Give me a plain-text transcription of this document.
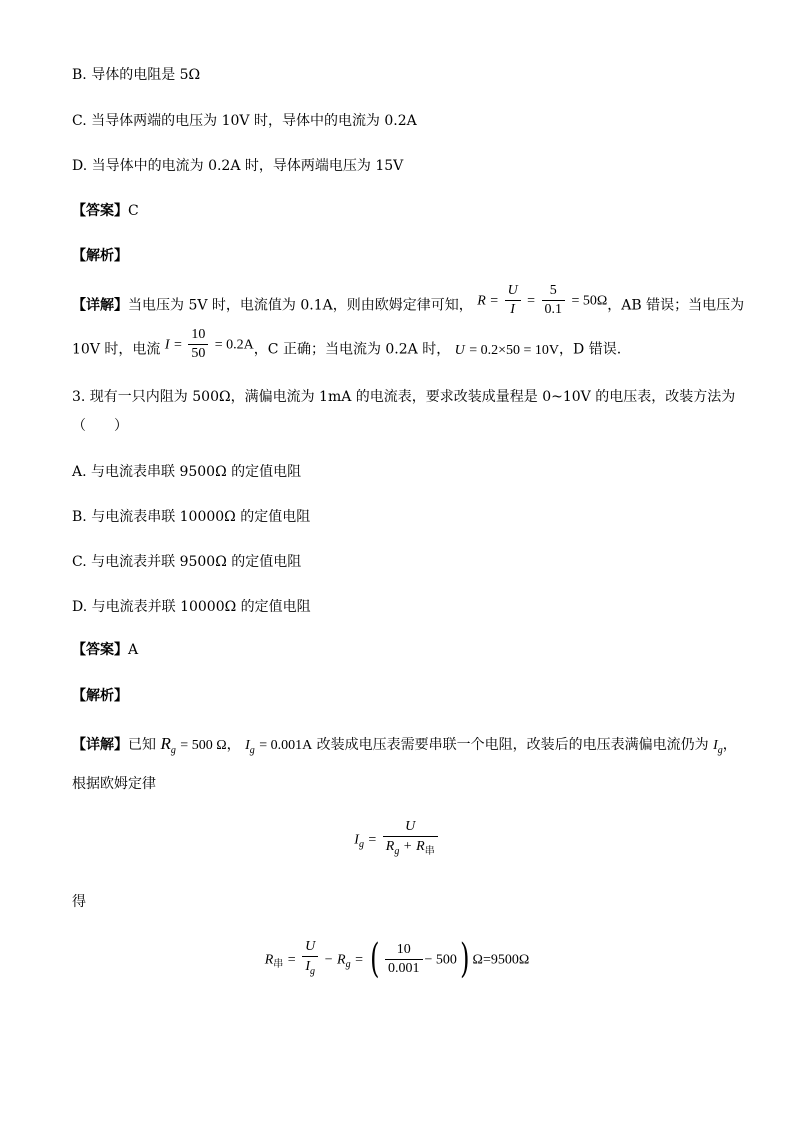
B. 导体的电阻是 5Ω
C. 当导体两端的电压为 10V 时，导体中的电流为 0.2A
D. 当导体中的电流为 0.2A 时，导体两端电压为 15V
【答案】C
【解析】
【详解】当电压为 5V 时，电流值为 0.1A，则由欧姆定律可知， $R = \frac{U}{I} = \frac{5}{0.1} = 50\Omega$，AB 错误；当电压为
10V 时，电流 $I = \frac{10}{50} = 0.2A$，C 正确；当电流为 0.2A 时， U = 0.2×50 = 10V，D 错误.
3. 现有一只内阻为 500Ω，满偏电流为 1mA 的电流表，要求改装成量程是 0~10V 的电压表，改装方法为
（　　）
A. 与电流表串联 9500Ω 的定值电阻
B. 与电流表串联 10000Ω 的定值电阻
C. 与电流表并联 9500Ω 的定值电阻
D. 与电流表并联 10000Ω 的定值电阻
【答案】A
【解析】
【详解】已知 $R_g = 500$ Ω， $I_g = 0.001A$ 改装成电压表需要串联一个电阻，改装后的电压表满偏电流仍为 $I_g$，
根据欧姆定律
$I_g = \frac{U}{R_g + R_串}$
得
$R_串 = \frac{U}{I_g} - R_g$ = ( $\frac{10}{0.001} - 500$) Ω=9500Ω
